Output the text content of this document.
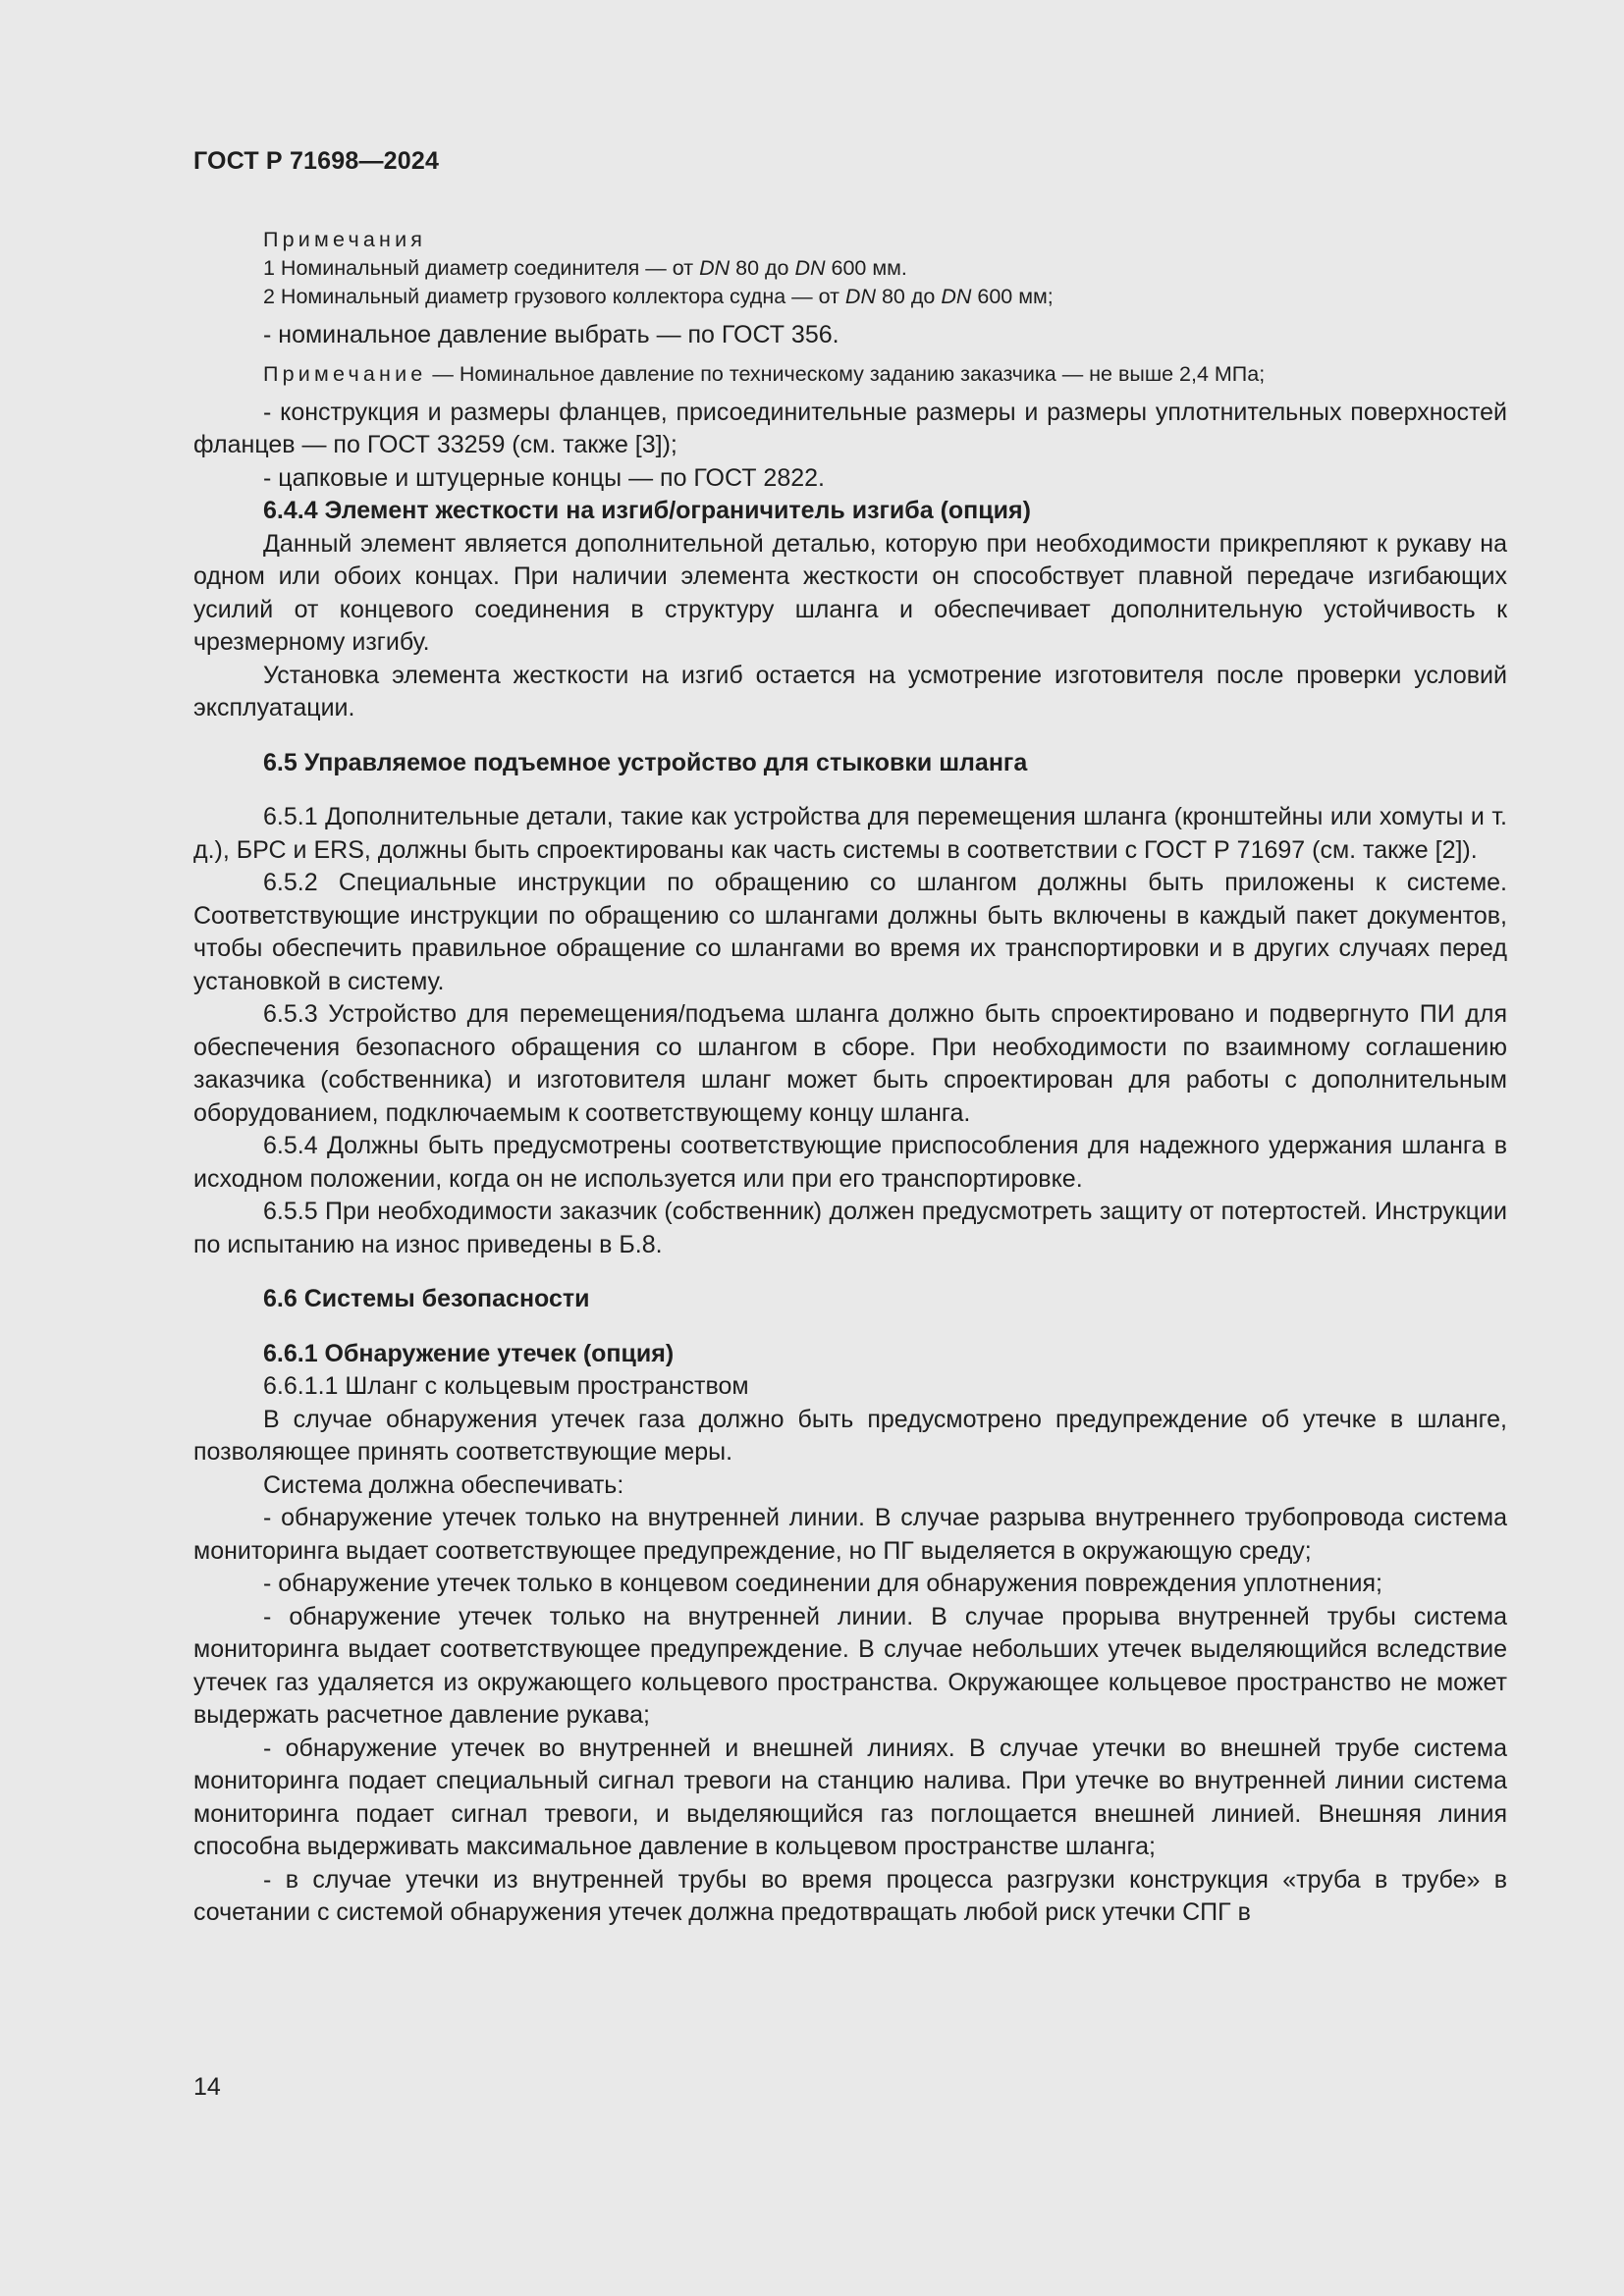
ГОСТ Р 71698—2024

Примечания

1 Номинальный диаметр соединителя — от DN 80 до DN 600 мм.

2 Номинальный диаметр грузового коллектора судна — от DN 80 до DN 600 мм;

- номинальное давление выбрать — по ГОСТ 356.

Примечание — Номинальное давление по техническому заданию заказчика — не выше 2,4 МПа;

- конструкция и размеры фланцев, присоединительные размеры и размеры уплотнительных поверхностей фланцев — по ГОСТ 33259 (см. также [3]);

- цапковые и штуцерные концы — по ГОСТ 2822.

6.4.4 Элемент жесткости на изгиб/ограничитель изгиба (опция)

Данный элемент является дополнительной деталью, которую при необходимости прикрепляют к рукаву на одном или обоих концах. При наличии элемента жесткости он способствует плавной передаче изгибающих усилий от концевого соединения в структуру шланга и обеспечивает дополнительную устойчивость к чрезмерному изгибу.

Установка элемента жесткости на изгиб остается на усмотрение изготовителя после проверки условий эксплуатации.

6.5 Управляемое подъемное устройство для стыковки шланга

6.5.1 Дополнительные детали, такие как устройства для перемещения шланга (кронштейны или хомуты и т. д.), БРС и ERS, должны быть спроектированы как часть системы в соответствии с ГОСТ Р 71697 (см. также [2]).

6.5.2 Специальные инструкции по обращению со шлангом должны быть приложены к системе. Соответствующие инструкции по обращению со шлангами должны быть включены в каждый пакет документов, чтобы обеспечить правильное обращение со шлангами во время их транспортировки и в других случаях перед установкой в систему.

6.5.3 Устройство для перемещения/подъема шланга должно быть спроектировано и подвергнуто ПИ для обеспечения безопасного обращения со шлангом в сборе. При необходимости по взаимному соглашению заказчика (собственника) и изготовителя шланг может быть спроектирован для работы с дополнительным оборудованием, подключаемым к соответствующему концу шланга.

6.5.4 Должны быть предусмотрены соответствующие приспособления для надежного удержания шланга в исходном положении, когда он не используется или при его транспортировке.

6.5.5 При необходимости заказчик (собственник) должен предусмотреть защиту от потертостей. Инструкции по испытанию на износ приведены в Б.8.

6.6 Системы безопасности

6.6.1 Обнаружение утечек (опция)

6.6.1.1 Шланг с кольцевым пространством

В случае обнаружения утечек газа должно быть предусмотрено предупреждение об утечке в шланге, позволяющее принять соответствующие меры.

Система должна обеспечивать:

- обнаружение утечек только на внутренней линии. В случае разрыва внутреннего трубопровода система мониторинга выдает соответствующее предупреждение, но ПГ выделяется в окружающую среду;

- обнаружение утечек только в концевом соединении для обнаружения повреждения уплотнения;

- обнаружение утечек только на внутренней линии. В случае прорыва внутренней трубы система мониторинга выдает соответствующее предупреждение. В случае небольших утечек выделяющийся вследствие утечек газ удаляется из окружающего кольцевого пространства. Окружающее кольцевое пространство не может выдержать расчетное давление рукава;

- обнаружение утечек во внутренней и внешней линиях. В случае утечки во внешней трубе система мониторинга подает специальный сигнал тревоги на станцию налива. При утечке во внутренней линии система мониторинга подает сигнал тревоги, и выделяющийся газ поглощается внешней линией. Внешняя линия способна выдерживать максимальное давление в кольцевом пространстве шланга;

- в случае утечки из внутренней трубы во время процесса разгрузки конструкция «труба в трубе» в сочетании с системой обнаружения утечек должна предотвращать любой риск утечки СПГ в

14
